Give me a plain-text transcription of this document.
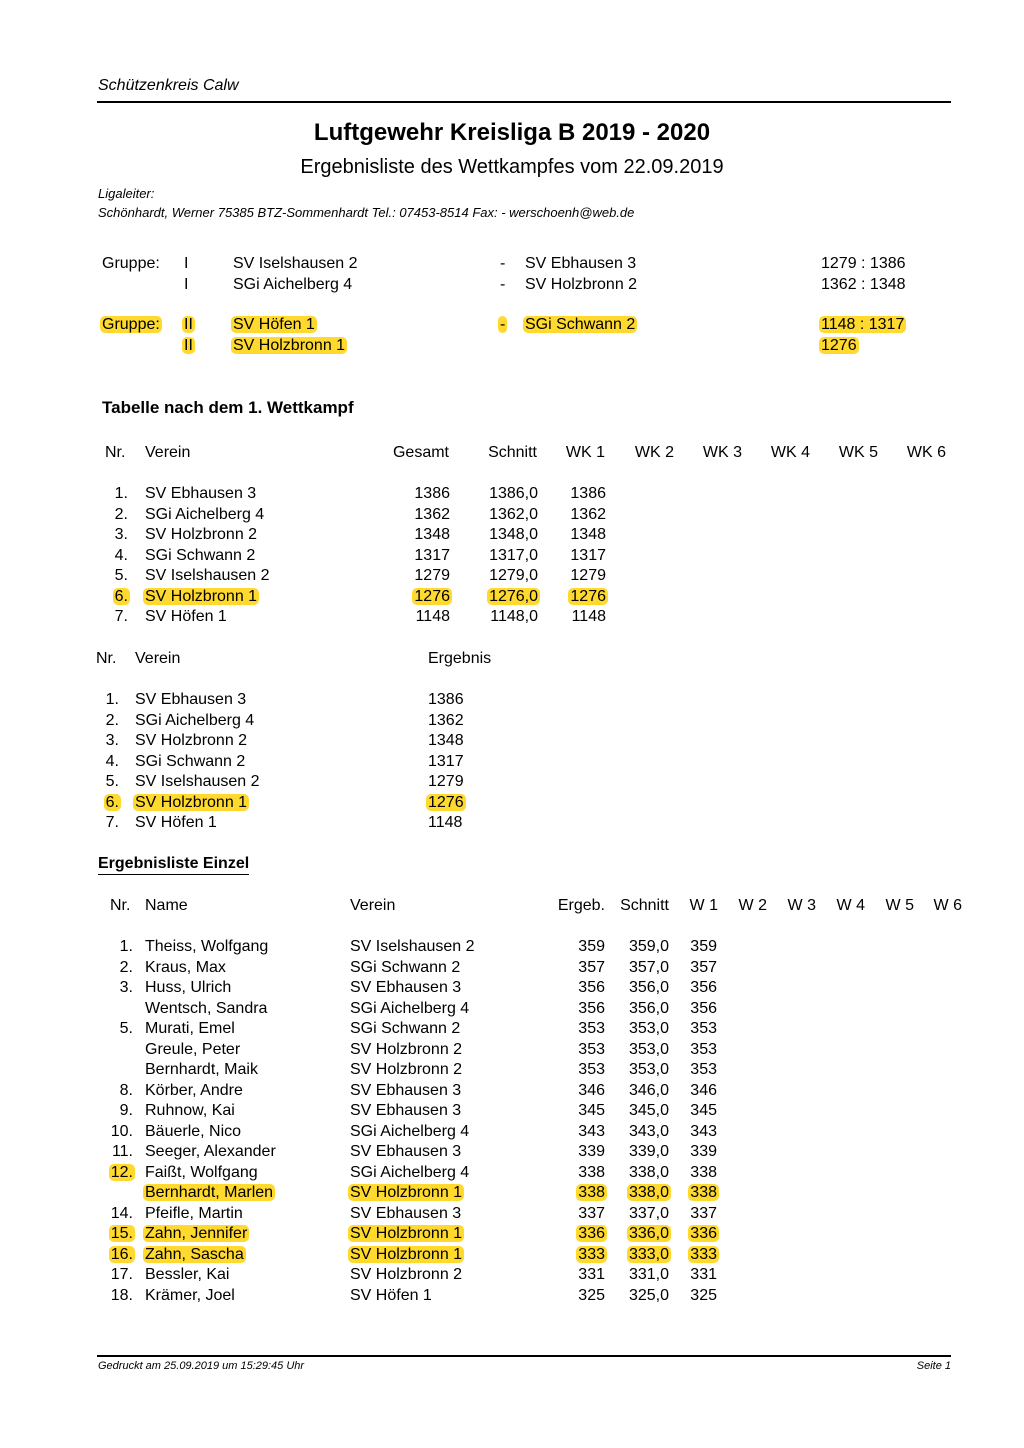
Schützenkreis Calw
Luftgewehr Kreisliga B 2019 - 2020
Ergebnisliste des Wettkampfes vom 22.09.2019
Ligaleiter:
Schönhardt, Werner 75385 BTZ-Sommenhardt Tel.: 07453-8514 Fax: - werschoenh@web.de
Gruppe: I	SV Iselshausen 2	- SV Ebhausen 3	1279 : 1386
I	SGi Aichelberg 4	- SV Holzbronn 2	1362 : 1348
Gruppe: II	SV Höfen 1	- SGi Schwann 2	1148 : 1317
II	SV Holzbronn 1	1276
Tabelle nach dem 1. Wettkampf
Nr. Verein	Gesamt	Schnitt	WK 1	WK 2	WK 3	WK 4	WK 5	WK 6
1. SV Ebhausen 3	1386	1386,0	1386
2. SGi Aichelberg 4	1362	1362,0	1362
3. SV Holzbronn 2	1348	1348,0	1348
4. SGi Schwann 2	1317	1317,0	1317
5. SV Iselshausen 2	1279	1279,0	1279
6. SV Holzbronn 1	1276	1276,0	1276
7. SV Höfen 1	1148	1148,0	1148
Nr. Verein	Ergebnis
1. SV Ebhausen 3	1386
2. SGi Aichelberg 4	1362
3. SV Holzbronn 2	1348
4. SGi Schwann 2	1317
5. SV Iselshausen 2	1279
6. SV Holzbronn 1	1276
7. SV Höfen 1	1148
Ergebnisliste Einzel
Nr. Name	Verein	Ergeb. Schnitt	W 1	W 2	W 3	W 4	W 5	W 6
1. Theiss, Wolfgang	SV Iselshausen 2	359	359,0	359
2. Kraus, Max	SGi Schwann 2	357	357,0	357
3. Huss, Ulrich	SV Ebhausen 3	356	356,0	356
Wentsch, Sandra	SGi Aichelberg 4	356	356,0	356
5. Murati, Emel	SGi Schwann 2	353	353,0	353
Greule, Peter	SV Holzbronn 2	353	353,0	353
Bernhardt, Maik	SV Holzbronn 2	353	353,0	353
8. Körber, Andre	SV Ebhausen 3	346	346,0	346
9. Ruhnow, Kai	SV Ebhausen 3	345	345,0	345
10. Bäuerle, Nico	SGi Aichelberg 4	343	343,0	343
11. Seeger, Alexander	SV Ebhausen 3	339	339,0	339
12. Faißt, Wolfgang	SGi Aichelberg 4	338	338,0	338
Bernhardt, Marlen	SV Holzbronn 1	338	338,0	338
14. Pfeifle, Martin	SV Ebhausen 3	337	337,0	337
15. Zahn, Jennifer	SV Holzbronn 1	336	336,0	336
16. Zahn, Sascha	SV Holzbronn 1	333	333,0	333
17. Bessler, Kai	SV Holzbronn 2	331	331,0	331
18. Krämer, Joel	SV Höfen 1	325	325,0	325
Gedruckt am 25.09.2019 um 15:29:45 Uhr	Seite 1
